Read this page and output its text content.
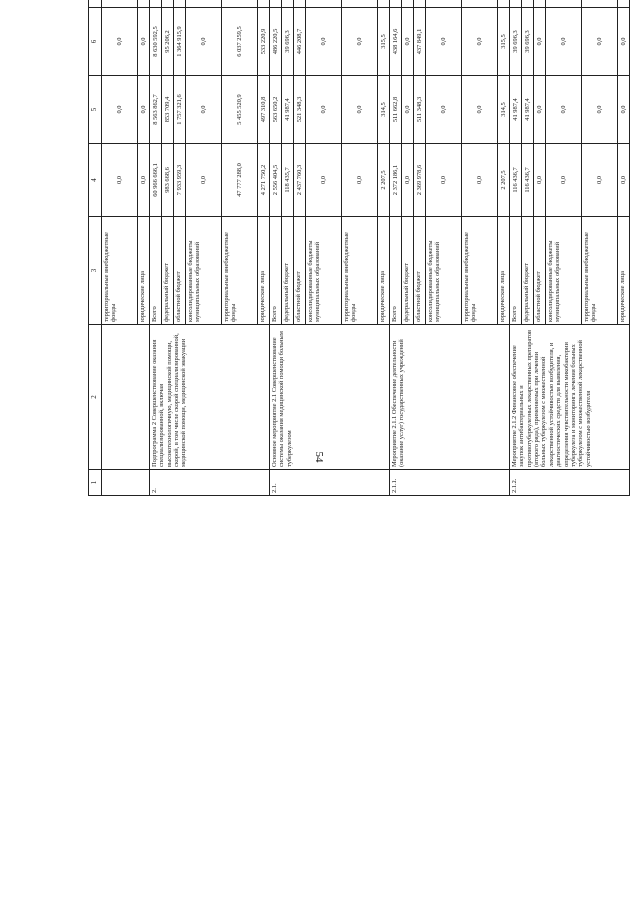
54
1	2	3	4	5	6					
		территориальные внебюджетные фонды	0,0	0,0	0,0					
		юридические лица	0,0	0,0	0,0					
2.	Подпрограмма 2 Совершенствование оказания специализированной, включая высокотехнологичную, медицинской помощи, скорой, в том числе скорой специализированной, медицинской помощи, медицинской эвакуации	Всего	60 966 666,1	8 563 862,7	8 630 592,5					
		федеральный бюджет	983 668,6	853 709,4	95 206,2					
		областной бюджет	7 933 959,3	1 757 321,6	1 364 915,9					
		консолидированные бюджеты муниципальных образований	0,0	0,0	0,0					
		территориальные внебюджетные фонды	47 777 288,0	5 455 520,9	6 037 259,5					
		юридические лица	4 271 750,2	497 310,8	533 220,9					
2.1.	Основное мероприятие 2.1 Совершенствование системы оказания медицинской помощи больным туберкулезом	Всего	2 556 404,5	563 650,2	486 220,5					
		федеральный бюджет	118 435,7	41 987,4	39 696,3					
		областной бюджет	2 437 760,3	521 348,3	446 208,7					
		консолидированные бюджеты муниципальных образований	0,0	0,0	0,0					
		территориальные внебюджетные фонды	0,0	0,0	0,0					
		юридические лица	2 207,5	314,5	315,5					
2.1.1.	Мероприятие 2.1.1 Обеспечение деятельности (оказание услуг) государственных учреждений	Всего	2 372 186,1	511 662,8	438 164,6					
		федеральный бюджет	0,0	0,0	0,0					
		областной бюджет	2 369 978,6	511 348,3	437 849,1					
		консолидированные бюджеты муниципальных образований	0,0	0,0	0,0					
		территориальные внебюджетные фонды	0,0	0,0	0,0					
		юридические лица	2 207,5	314,5	315,5					
2.1.2.	Мероприятие 2.1.2 Финансовое обеспечение закупок антибактериальных и противотуберкулезных лекарственных препаратов (второго ряда), применяемых при лечении больных туберкулезом с множественной лекарственной устойчивостью возбудителя, и диагностических средств для выявления, определения чувствительности микобактерии туберкулеза и мониторинга лечения больных туберкулезом с множественной лекарственной устойчивостью возбудителя	Всего	116 436,7	41 987,4	39 696,3					
		федеральный бюджет	116 436,7	41 987,4	39 696,3					
		областной бюджет	0,0	0,0	0,0					
		консолидированные бюджеты муниципальных образований	0,0	0,0	0,0					
		территориальные внебюджетные фонды	0,0	0,0	0,0					
		юридические лица	0,0	0,0	0,0					
